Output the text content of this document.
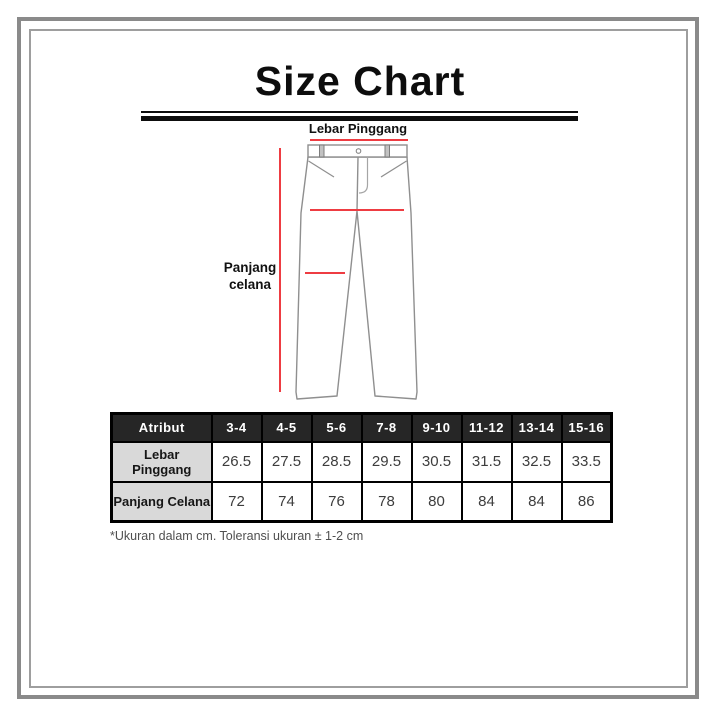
Size Chart
Lebar Pinggang
Panjang
celana
Atribut	3-4	4-5	5-6	7-8	9-10	11-12	13-14	15-16
Lebar Pinggang	26.5	27.5	28.5	29.5	30.5	31.5	32.5	33.5
Panjang Celana	72	74	76	78	80	84	84	86
*Ukuran dalam cm. Toleransi ukuran ± 1-2 cm
